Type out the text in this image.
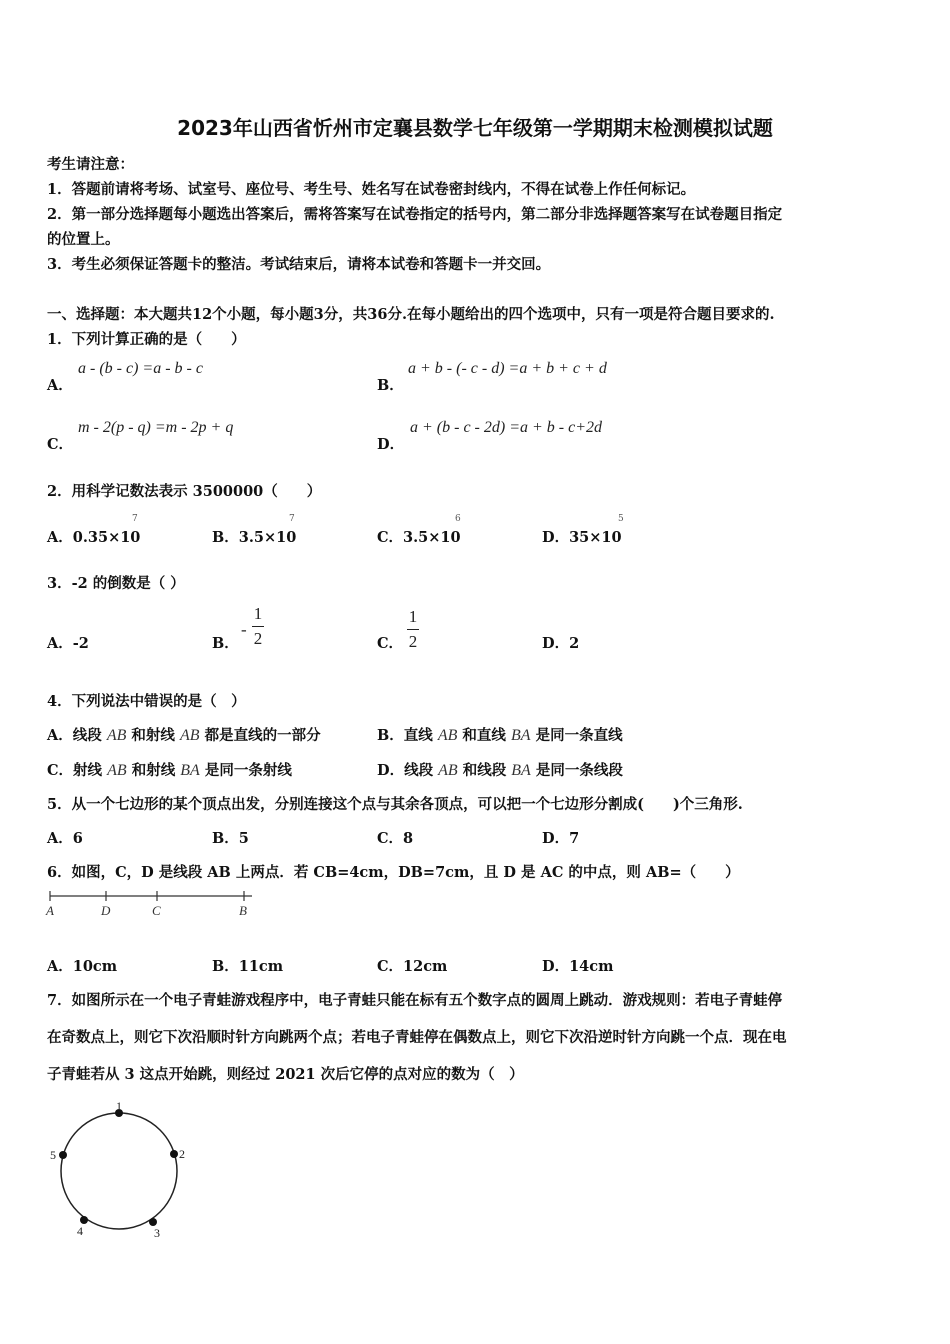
2023年山西省忻州市定襄县数学七年级第一学期期末检测模拟试题
考生请注意：
1．答题前请将考场、试室号、座位号、考生号、姓名写在试卷密封线内，不得在试卷上作任何标记。
2．第一部分选择题每小题选出答案后，需将答案写在试卷指定的括号内，第二部分非选择题答案写在试卷题目指定
的位置上。
3．考生必须保证答题卡的整洁。考试结束后，请将本试卷和答题卡一并交回。
一、选择题：本大题共12个小题，每小题3分，共36分.在每小题给出的四个选项中，只有一项是符合题目要求的.
1．下列计算正确的是（　　）
A．
a - (b - c) =a - b - c
B．
a + b - (- c - d) =a + b + c + d
C．
m - 2(p - q) =m - 2p + q
D．
a + (b - c - 2d) =a + b - c+2d
2．用科学记数法表示 3500000（　　）
A．0.35×10
7
B．3.5×10
7
C．3.5×10
6
D．35×10
5
3．-2 的倒数是（ ）
A．-2	B．
-
1
2	C．
1
2	D．2
4．下列说法中错误的是（　）
A．线段 AB 和射线 AB 都是直线的一部分	B．直线 AB 和直线 BA 是同一条直线
C．射线 AB 和射线 BA 是同一条射线	D．线段 AB 和线段 BA 是同一条线段
5．从一个七边形的某个顶点出发，分别连接这个点与其余各顶点，可以把一个七边形分割成(　　)个三角形.
A．6	B．5	C．8	D．7
6．如图，C，D 是线段 AB 上两点．若 CB=4cm，DB=7cm，且 D 是 AC 的中点，则 AB=（　　）
A	D	C	B
A．10cm	B．11cm	C．12cm	D．14cm
7．如图所示在一个电子青蛙游戏程序中，电子青蛙只能在标有五个数字点的圆周上跳动．游戏规则：若电子青蛙停
在奇数点上，则它下次沿顺时针方向跳两个点；若电子青蛙停在偶数点上，则它下次沿逆时针方向跳一个点．现在电
子青蛙若从 3 这点开始跳，则经过 2021 次后它停的点对应的数为（　）
1
2
3
4
5
